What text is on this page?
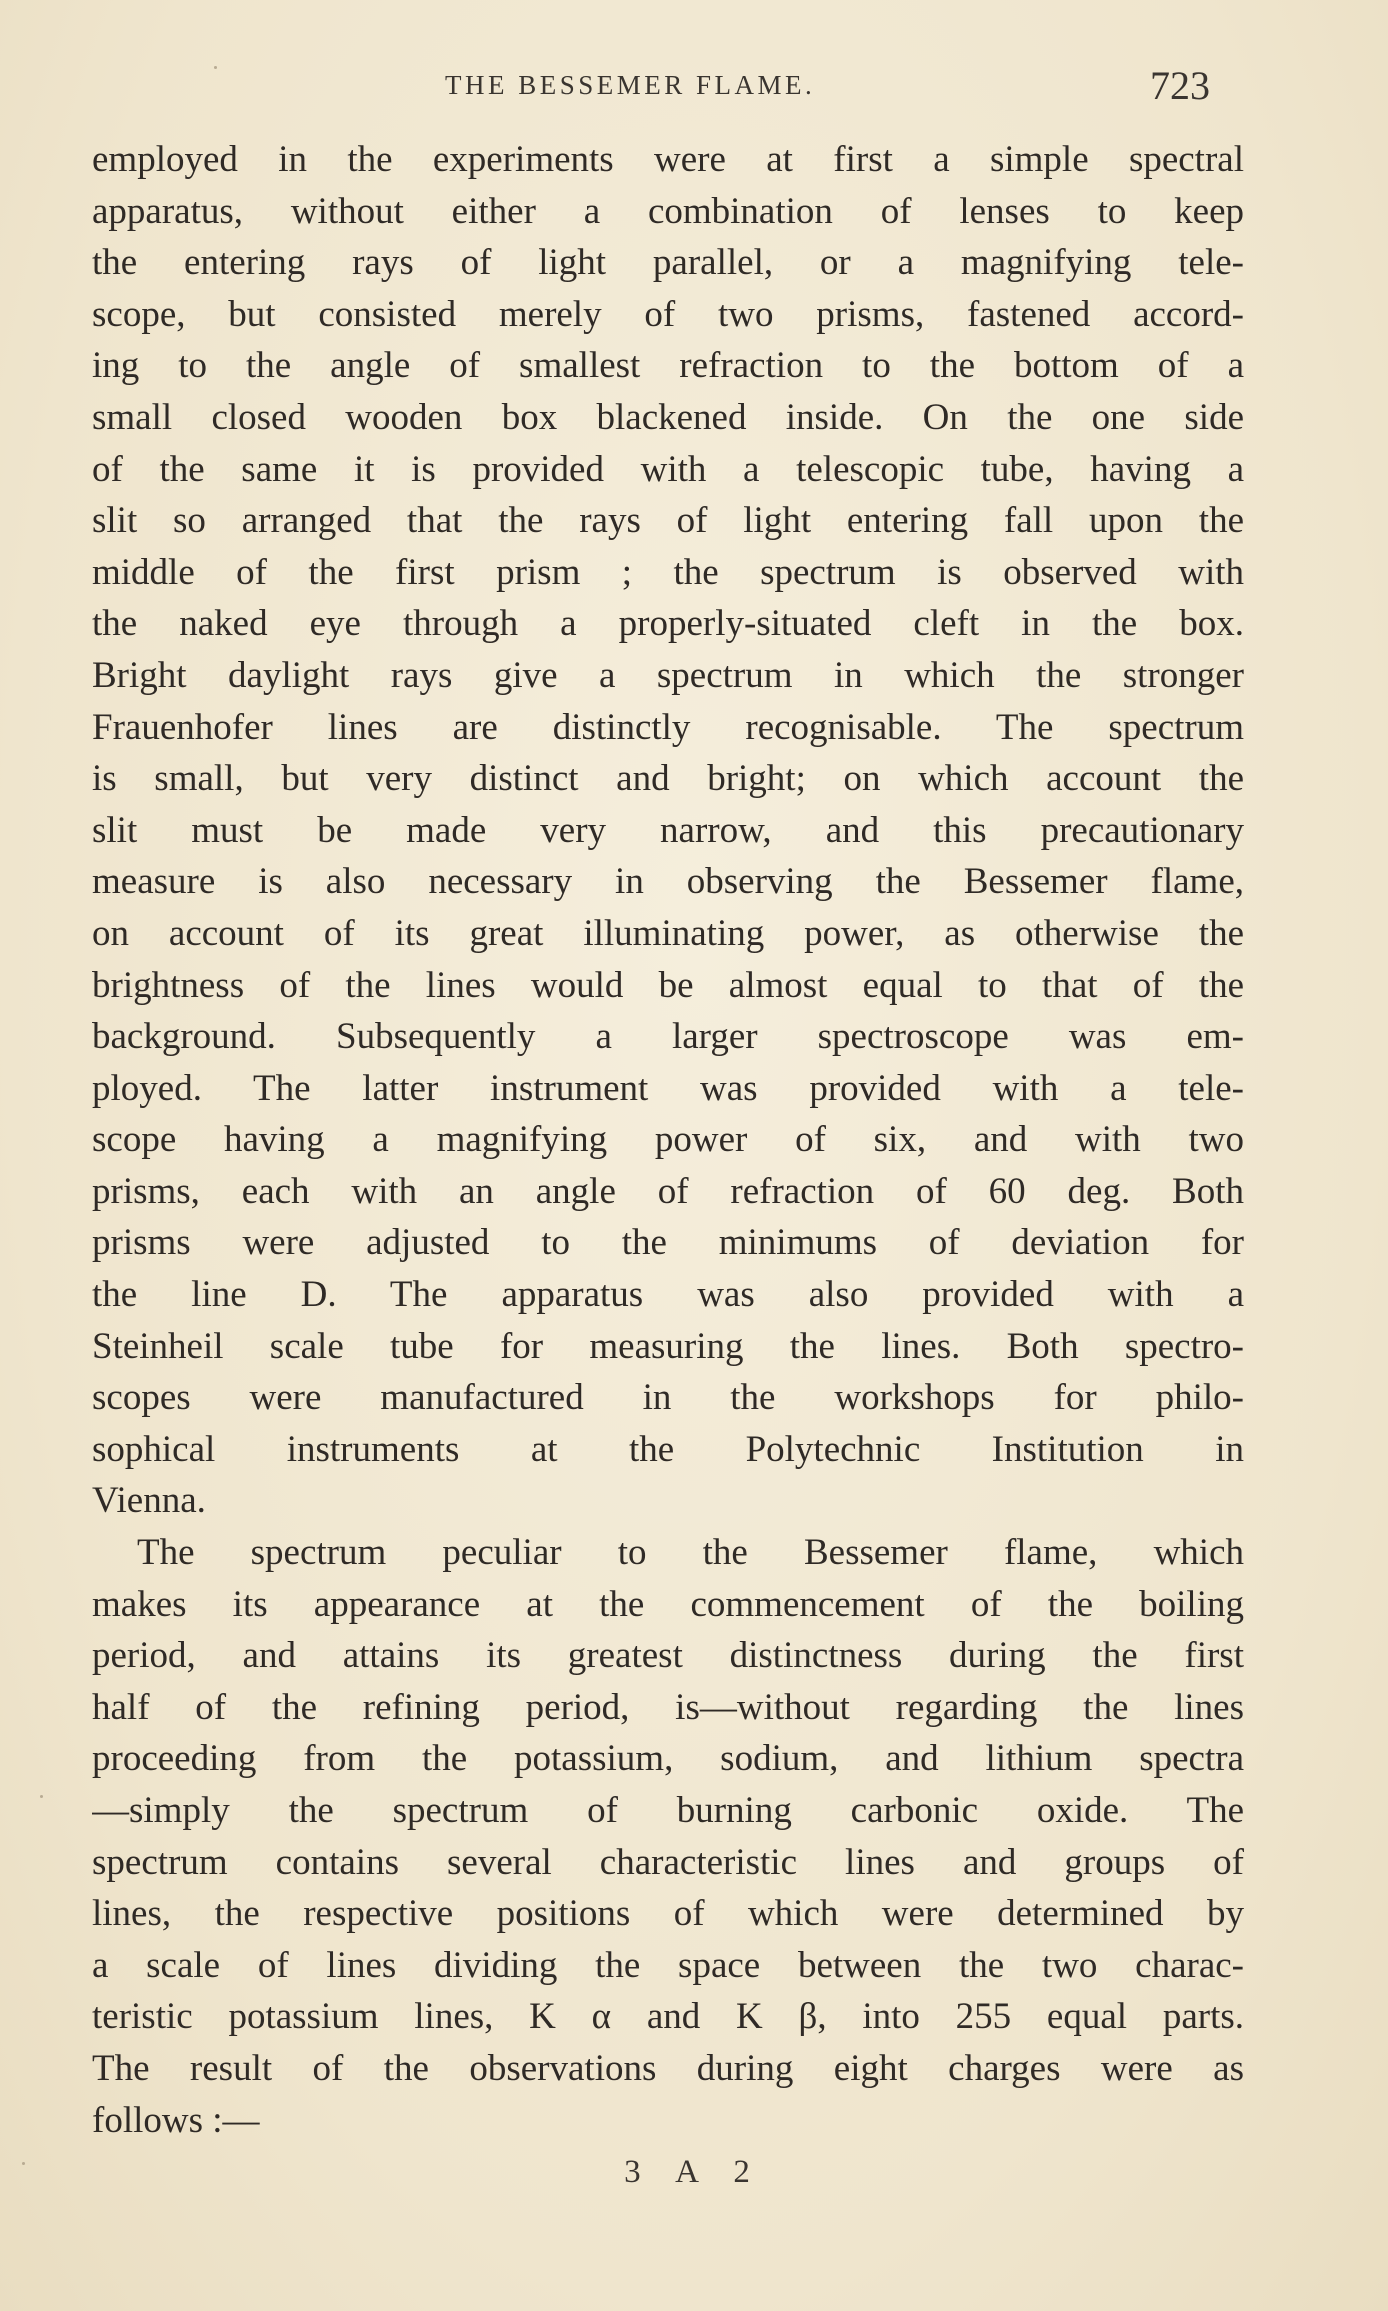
THE BESSEMER FLAME.	723
employed in the experiments were at first a simple spectral
apparatus, without either a combination of lenses to keep
the entering rays of light parallel, or a magnifying tele-
scope, but consisted merely of two prisms, fastened accord-
ing to the angle of smallest refraction to the bottom of a
small closed wooden box blackened inside. On the one side
of the same it is provided with a telescopic tube, having a
slit so arranged that the rays of light entering fall upon the
middle of the first prism ; the spectrum is observed with
the naked eye through a properly-situated cleft in the box.
Bright daylight rays give a spectrum in which the stronger
Frauenhofer lines are distinctly recognisable. The spectrum
is small, but very distinct and bright; on which account the
slit must be made very narrow, and this precautionary
measure is also necessary in observing the Bessemer flame,
on account of its great illuminating power, as otherwise the
brightness of the lines would be almost equal to that of the
background. Subsequently a larger spectroscope was em-
ployed. The latter instrument was provided with a tele-
scope having a magnifying power of six, and with two
prisms, each with an angle of refraction of 60 deg. Both
prisms were adjusted to the minimums of deviation for
the line D. The apparatus was also provided with a
Steinheil scale tube for measuring the lines. Both spectro-
scopes were manufactured in the workshops for philo-
sophical instruments at the Polytechnic Institution in
Vienna.
The spectrum peculiar to the Bessemer flame, which
makes its appearance at the commencement of the boiling
period, and attains its greatest distinctness during the first
half of the refining period, is—without regarding the lines
proceeding from the potassium, sodium, and lithium spectra
—simply the spectrum of burning carbonic oxide. The
spectrum contains several characteristic lines and groups of
lines, the respective positions of which were determined by
a scale of lines dividing the space between the two charac-
teristic potassium lines, K α and K β, into 255 equal parts.
The result of the observations during eight charges were as
follows :—
3 A 2
